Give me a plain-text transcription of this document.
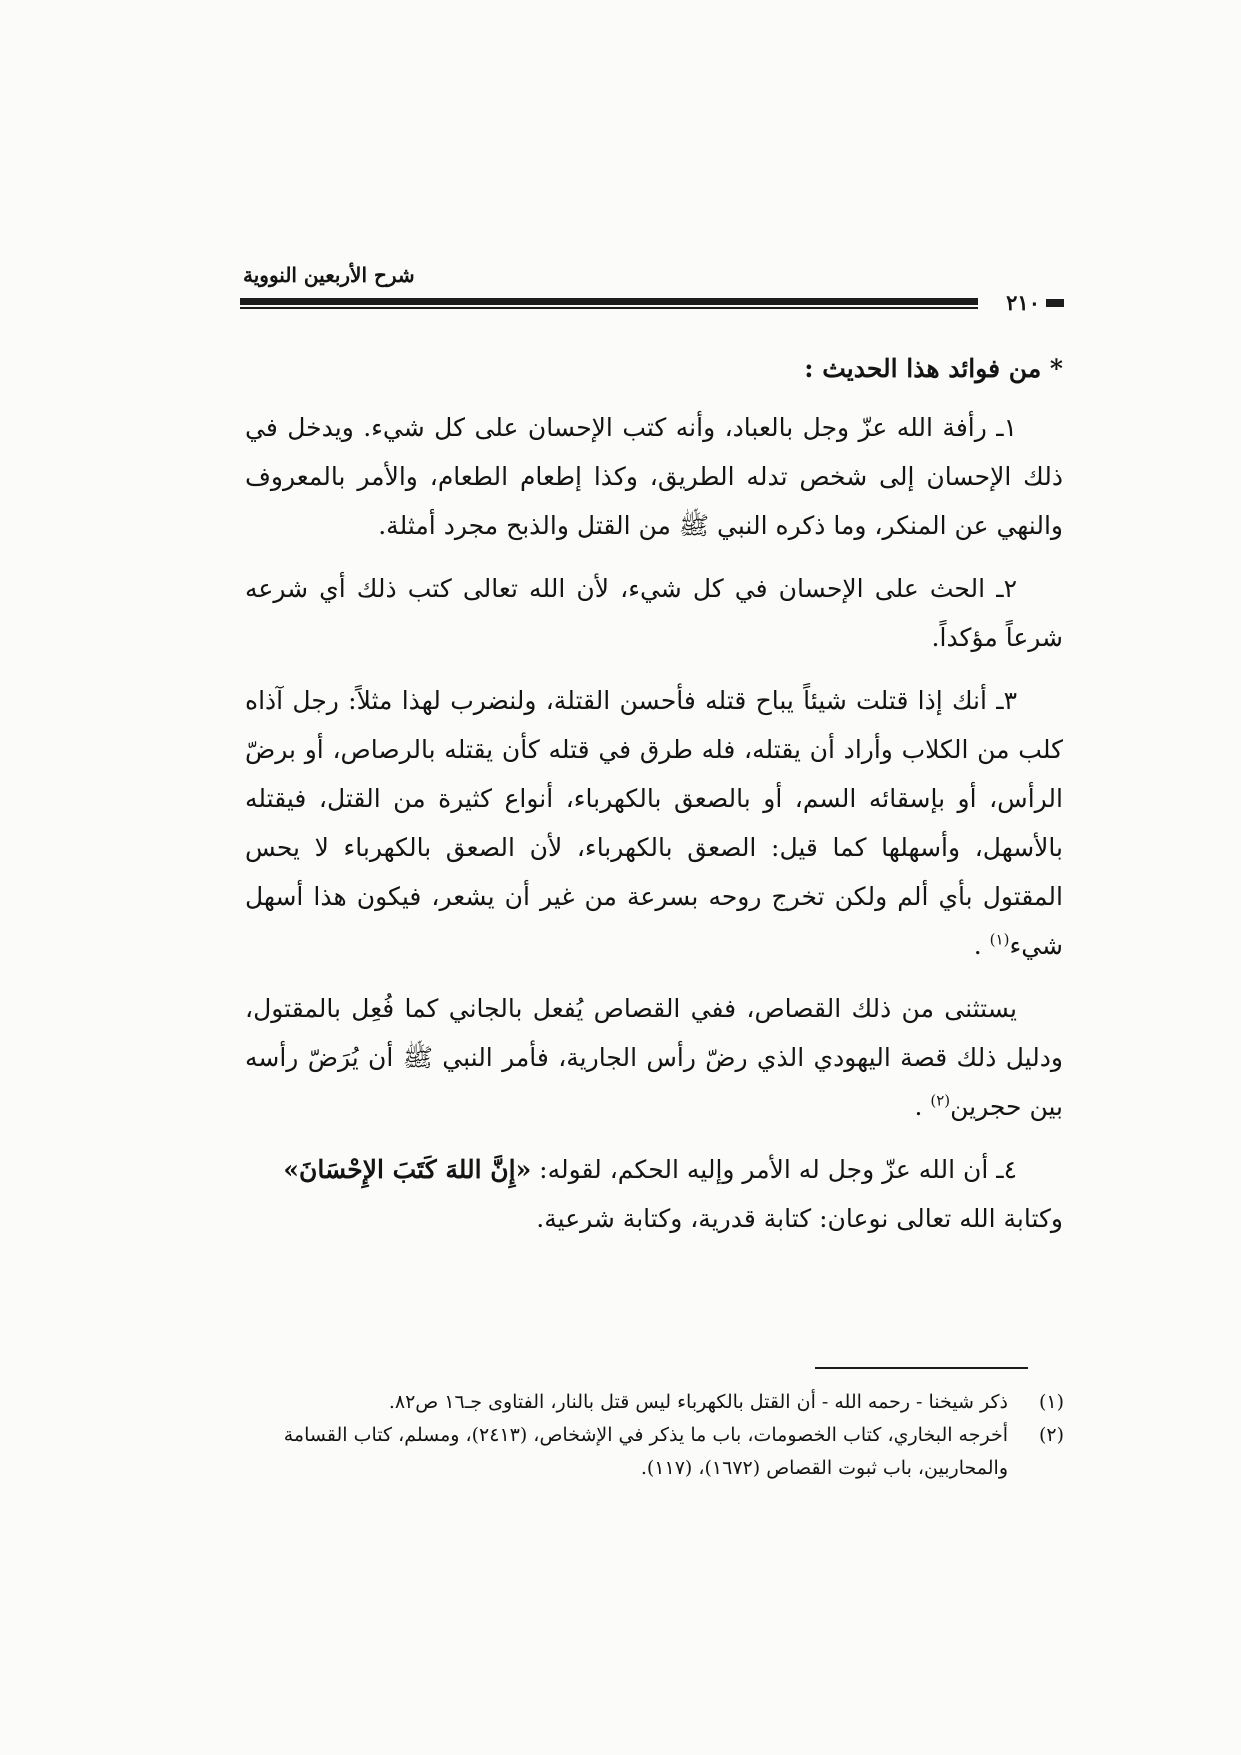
شرح الأربعين النووية
٢١٠
* من فوائد هذا الحديث :

١ـ رأفة الله عزّ وجل بالعباد، وأنه كتب الإحسان على كل شيء. ويدخل في ذلك الإحسان إلى شخص تدله الطريق، وكذا إطعام الطعام، والأمر بالمعروف والنهي عن المنكر، وما ذكره النبي ﷺ من القتل والذبح مجرد أمثلة.

٢ـ الحث على الإحسان في كل شيء، لأن الله تعالى كتب ذلك أي شرعه شرعاً مؤكداً.

٣ـ أنك إذا قتلت شيئاً يباح قتله فأحسن القتلة، ولنضرب لهذا مثلاً: رجل آذاه كلب من الكلاب وأراد أن يقتله، فله طرق في قتله كأن يقتله بالرصاص، أو برضّ الرأس، أو بإسقائه السم، أو بالصعق بالكهرباء، أنواع كثيرة من القتل، فيقتله بالأسهل، وأسهلها كما قيل: الصعق بالكهرباء، لأن الصعق بالكهرباء لا يحس المقتول بأي ألم ولكن تخرج روحه بسرعة من غير أن يشعر، فيكون هذا أسهل شيء$^{(١)}$ .

يستثنى من ذلك القصاص، ففي القصاص يُفعل بالجاني كما فُعِل بالمقتول، ودليل ذلك قصة اليهودي الذي رضّ رأس الجارية، فأمر النبي ﷺ أن يُرَضّ رأسه بين حجرين$^{(٢)}$ .

٤ـ أن الله عزّ وجل له الأمر وإليه الحكم، لقوله: «إِنَّ اللهَ كَتَبَ الإِحْسَانَ»

وكتابة الله تعالى نوعان: كتابة قدرية، وكتابة شرعية.

(١)
ذكر شيخنا - رحمه الله - أن القتل بالكهرباء ليس قتل بالنار، الفتاوى جـ١٦ ص٨٢.
(٢)
أخرجه البخاري، كتاب الخصومات، باب ما يذكر في الإشخاص، (٢٤١٣)، ومسلم، كتاب القسامة والمحاربين، باب ثبوت القصاص (١٦٧٢)، (١١٧).
